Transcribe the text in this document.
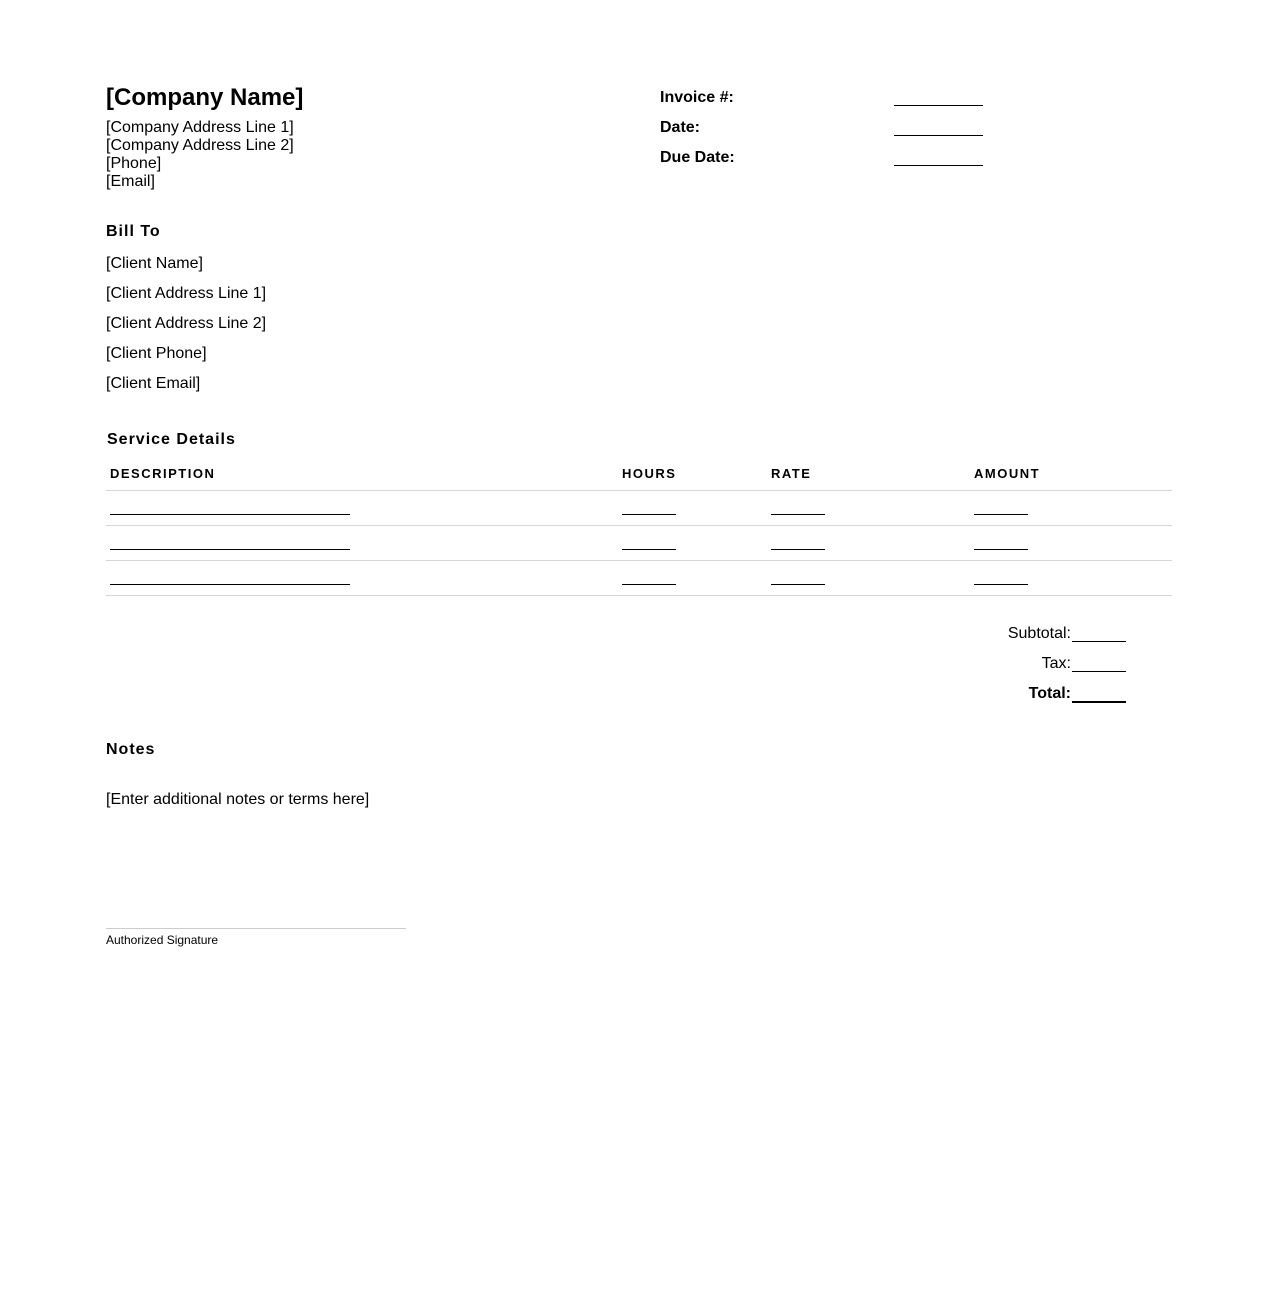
[Company Name]
[Company Address Line 1]
[Company Address Line 2]
[Phone]
[Email]
Invoice #:
Date:
Due Date:
Bill To
[Client Name]
[Client Address Line 1]
[Client Address Line 2]
[Client Phone]
[Client Email]
Service Details
DESCRIPTION	HOURS	RATE	AMOUNT
Subtotal:
Tax:
Total:
Notes
[Enter additional notes or terms here]
Authorized Signature
